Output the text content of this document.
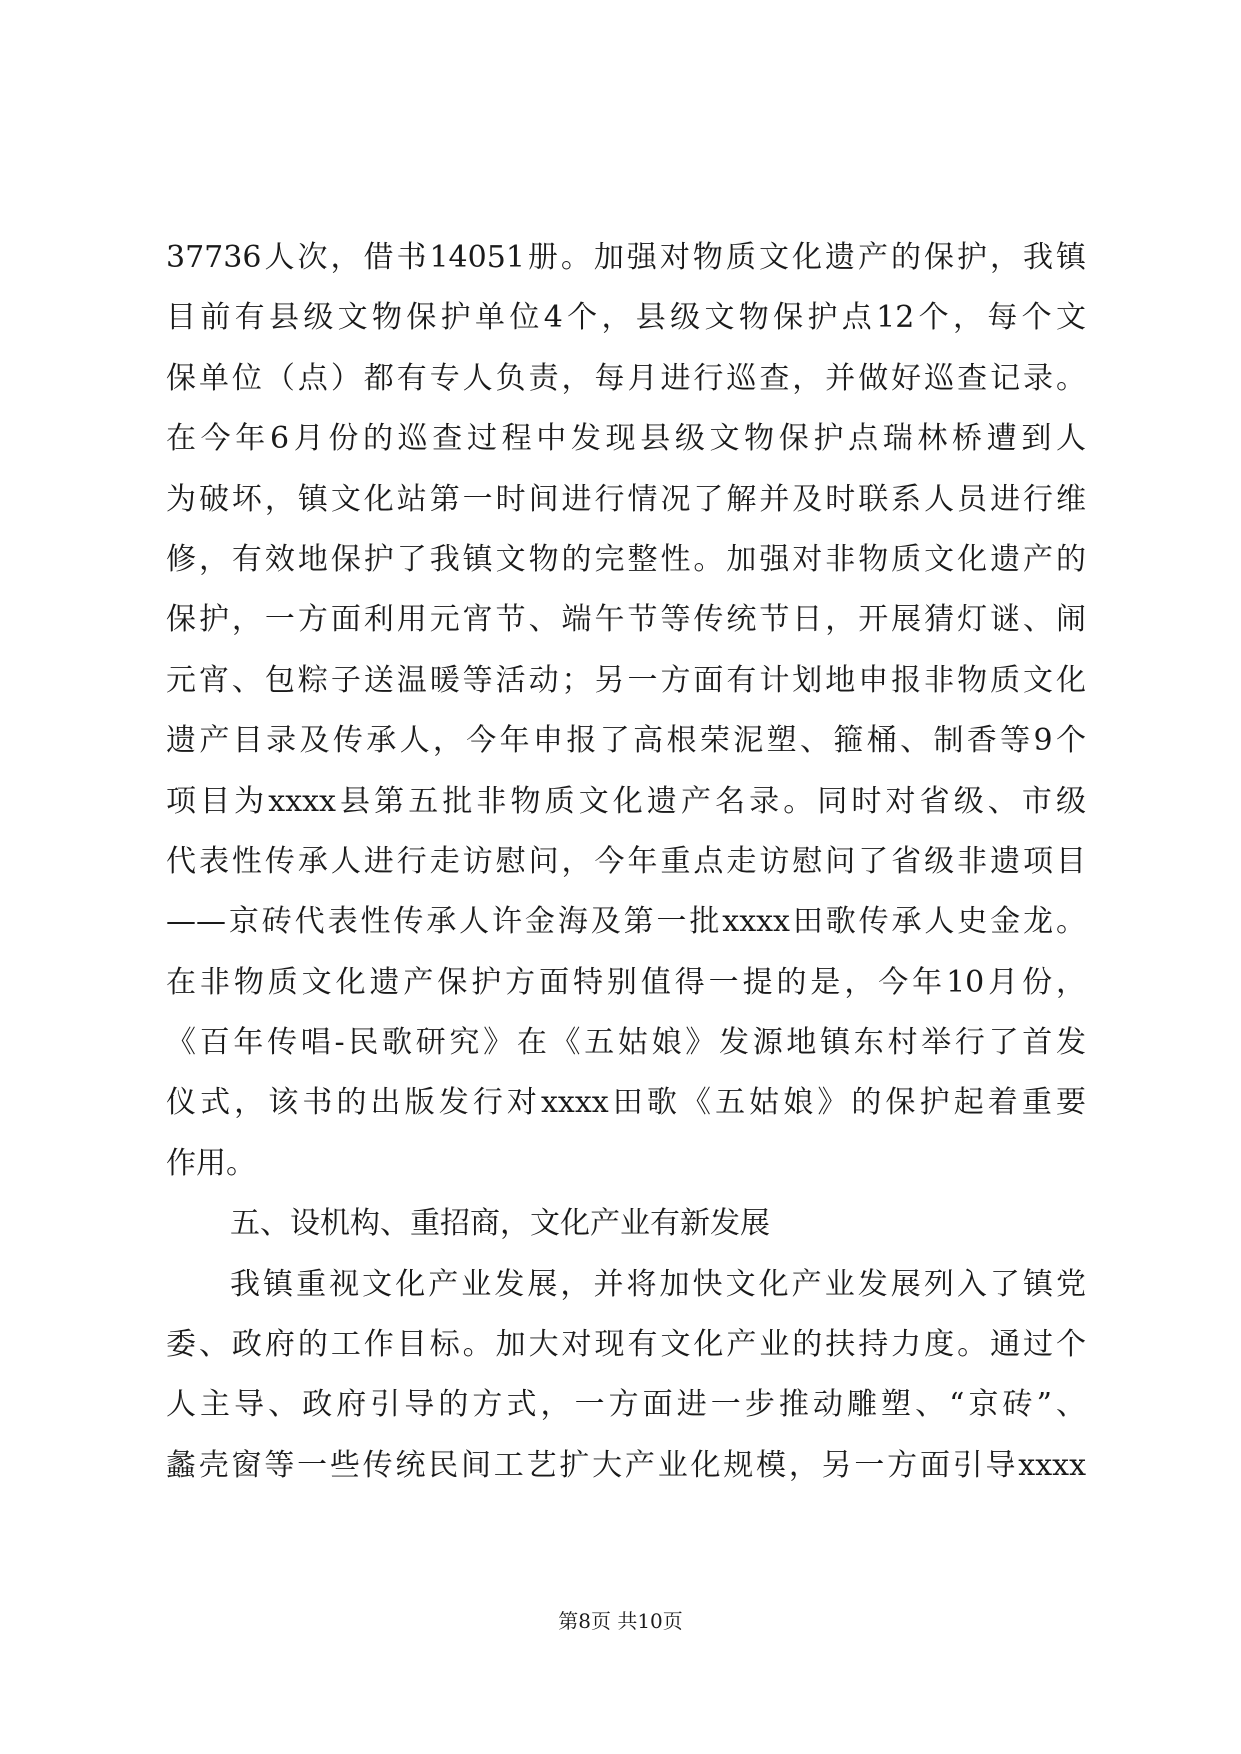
37736人次，借书14051册。加强对物质文化遗产的保护，我镇
目前有县级文物保护单位4个，县级文物保护点12个，每个文
保单位（点）都有专人负责，每月进行巡查，并做好巡查记录。
在今年6月份的巡查过程中发现县级文物保护点瑞林桥遭到人
为破坏，镇文化站第一时间进行情况了解并及时联系人员进行维
修，有效地保护了我镇文物的完整性。加强对非物质文化遗产的
保护，一方面利用元宵节、端午节等传统节日，开展猜灯谜、闹
元宵、包粽子送温暖等活动；另一方面有计划地申报非物质文化
遗产目录及传承人，今年申报了高根荣泥塑、箍桶、制香等9个
项目为xxxx县第五批非物质文化遗产名录。同时对省级、市级
代表性传承人进行走访慰问，今年重点走访慰问了省级非遗项目
——京砖代表性传承人许金海及第一批xxxx田歌传承人史金龙。
在非物质文化遗产保护方面特别值得一提的是，今年10月份，
《百年传唱-民歌研究》在《五姑娘》发源地镇东村举行了首发
仪式，该书的出版发行对xxxx田歌《五姑娘》的保护起着重要
作用。
五、设机构、重招商，文化产业有新发展
我镇重视文化产业发展，并将加快文化产业发展列入了镇党
委、政府的工作目标。加大对现有文化产业的扶持力度。通过个
人主导、政府引导的方式，一方面进一步推动雕塑、“京砖”、
蠡壳窗等一些传统民间工艺扩大产业化规模，另一方面引导xxxx
第8页 共10页
